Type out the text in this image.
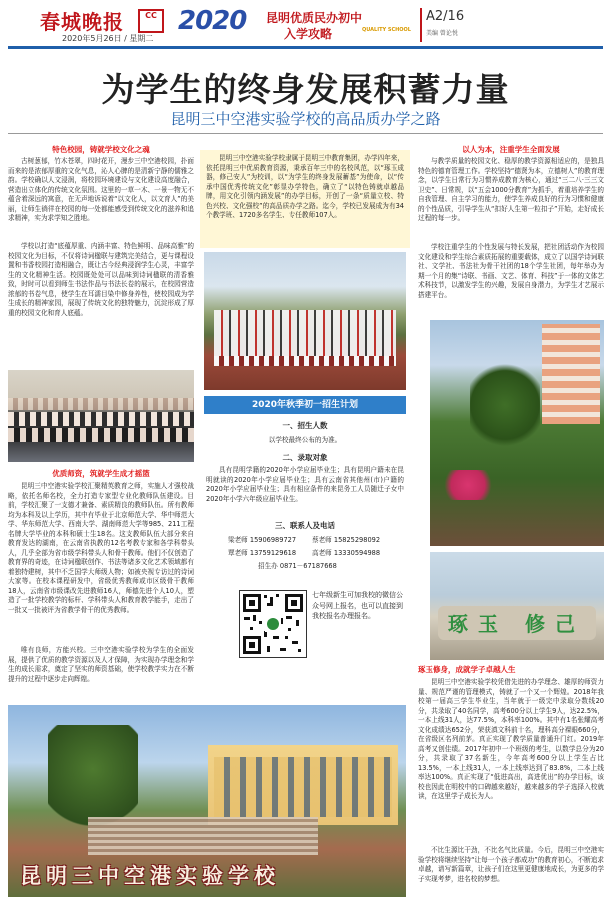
春城晚报	CC
2020年5月26日 / 星期二
2020 昆明优质民办初中
入学攻略	QUALITY SCHOOL
A2/16
美编 曾论悦
为学生的终身发展积蓄力量
昆明三中空港实验学校的高品质办学之路
特色校园，铸就学校文化之魂
古树葱郁，竹木苍翠，四时花开，漫步三中空港校园，扑面而来的是浓郁厚重的文化气息，沁人心脾的是清新宁静的儒雅之韵。学校确以人文浸润，将校园环境建设与文化建设高度融合，营造出立体化的传统文化氛围。这里的一草一木、一景一物无不蕴含着深远的寓意，在无声地诉说着“以文化人，以文育人”的美丽，让师生徜徉在校园的每一处都能感受到传统文化的滋养和追求精神，实为求学知之胜地。
学校以打造“底蕴厚重、内涵丰富、特色鲜明、品味高雅”的校园文化为目标，不仅将诗词楹联与建筑完美结合，更与课程设置和书香校园打造相融合，既让古今经典浸润学生心灵，丰富学生的文化精神生活。校园既处处可以品味到诗词楹联的清香雅致，时时可以看到师生书法作品与书法长卷的展示，在校园营造浓郁的书卷气息，使学生在耳濡目染中修身养性，使校园成为学生成长的精神家园，展现了传统文化的独特魅力，沉淀形成了厚重的校园文化和育人底蕴。
优质师资，筑就学生成才摇篮
昆明三中空港实验学校汇聚精英教育之师，实施人才强校战略，依托名师名校，全力打造专家型专业化教师队伍建设。目前，学校汇聚了一支德才兼备、素质精良的教师队伍。所有教师均为本科及以上学历，其中有毕业于北京师范大学、华中师范大学、华东师范大学、西南大学、湖南师范大学等985、211工程名牌大学毕业的本科和硕士生18名。这支教师队伍大部分来自教育发达的湖南，在云南省执教的12名考教专家和各学科带头人，几乎全部为省市级学科带头人和骨干教师。他们不仅创造了教育界的奇迹，在诗词楹联创作、书法等诸多文化艺术领域都有着独特建树，其中不乏国学大师级人物；如被央视专访过的诗词大家等。在校本课程研发中，省级优秀教师或市区级骨干教师18人，云南省市级课改先进教师16人，师德先进个人10人，塑造了一批学校教学的标杆、学科带头人和教育教学能手，走出了一批又一批被评为省教学骨干的优秀教师。
唯有良师，方能兴校。三中空港实验学校为学生的全面发展，提供了优质的教学资源以及人才保障，为实现办学理念和学生的成长需求，奠定了坚实的师资基础，使学校教学实力在不断提升的过程中逐步走向辉煌。
昆明三中空港实验学校隶属于昆明三中教育集团，办学四年来，依托昆明三中优质教育资源，秉承百年三中的名校风范，以“琢玉成器，修己安人”为校训，以“为学生的终身发展蓄基”为使命，以“传承中国优秀传统文化”彰显办学特色，确立了“以特色铸就卓越品牌，用文化引领内涵发展”的办学目标，开创了一条“质量立校、特色兴校、文化强校”的高品质办学之路。迄今，学校已发展成为有34个教学班、1720多名学生、专任教师107人。
2020年秋季初一招生计划
一、招生人数
以学校最终公布的为准。
二、录取对象
具有昆明学籍的2020年小学应届毕业生；具有昆明户籍未在昆明就读的2020年小学应届毕业生；具有云南省其他州(市)户籍的2020年小学应届毕业生；具有相应条件的来昆务工人员随迁子女中2020年小学六年级应届毕业生。
三、联系人及电话
梁老师 15906989727	蔡老师 15825298092
覃老师 13759129618	高老师 13330594988
招生办 0871－67187668
七年级新生可加我校的微信公众号网上报名，也可以直接到我校报名办理报名。
昆明三中空港实验学校
以人为本，注重学生全面发展
与教学质量的校园文化、稳厚的教学资源相适应的，是独具特色的德育管理工作。学校坚持“德贤为本，立德树人”的教育理念，以学生日常行为习惯养成教育为核心，通过“三二八·三三文卫史”、日常规，以“五会1000分教育”为抓手，着重培养学生的自我管理、自主学习的能力，使学生养成良好的行为习惯和健康的个性品质，引导学生从“扣好人生第一粒扣子”开始，走好成长过程的每一步。
学校注重学生的个性发展与特长发展，把社团活动作为校园文化建设和学生综合素质拓展的重要载体，成立了以国学诗词联社、文学社、书法社为骨干社团的18个学生社团，每年举办为期一个月的集“诗联、书画、文艺、体育、科技”于一体的文体艺术科技节，以激发学生的兴趣，发展自身潜力，为学生才艺展示搭建平台。
琢玉 修己
琢玉修身，成就学子卓越人生
昆明三中空港实验学校凭借先进的办学理念、雄厚的师资力量、规范严谨的管理模式，铸就了一个又一个辉煌。2018年我校第一届高三学生毕业生，当年就于一级完中录取分数线20分，共录取了40名同学，高考600分以上学生9人，达22.5%，一本上线31人，达77.5%，本科率100%。其中有1名张耀高考文化成绩达652分，荣获滇文科前十名，理科高分裸眼660分，在省级区名列前茅。真正实现了教学质量普通升门红。2019年高考又创佳绩。2017年初中一个班级的考生，以数学总分为20分，共录取了37名新生，今年高考600分以上学生占比13.5%，一本上线31人，一本上线率达到了83.8%，二本上线率达100%。真正实现了“低进高出，高进优出”的办学目标，该校也因此在明校中的口碑越来越好，越来越多的学子选择入校就读，在这里学子成长为人。
不比生源比干劲，不比名气比质量。今后，昆明三中空港实验学校将继续坚持“让每一个孩子都成功”的教育初心，不断追求卓越，谱写新篇章，让孩子们在这里更健康地成长，为更多的学子实现考梦，进名校的梦想。
